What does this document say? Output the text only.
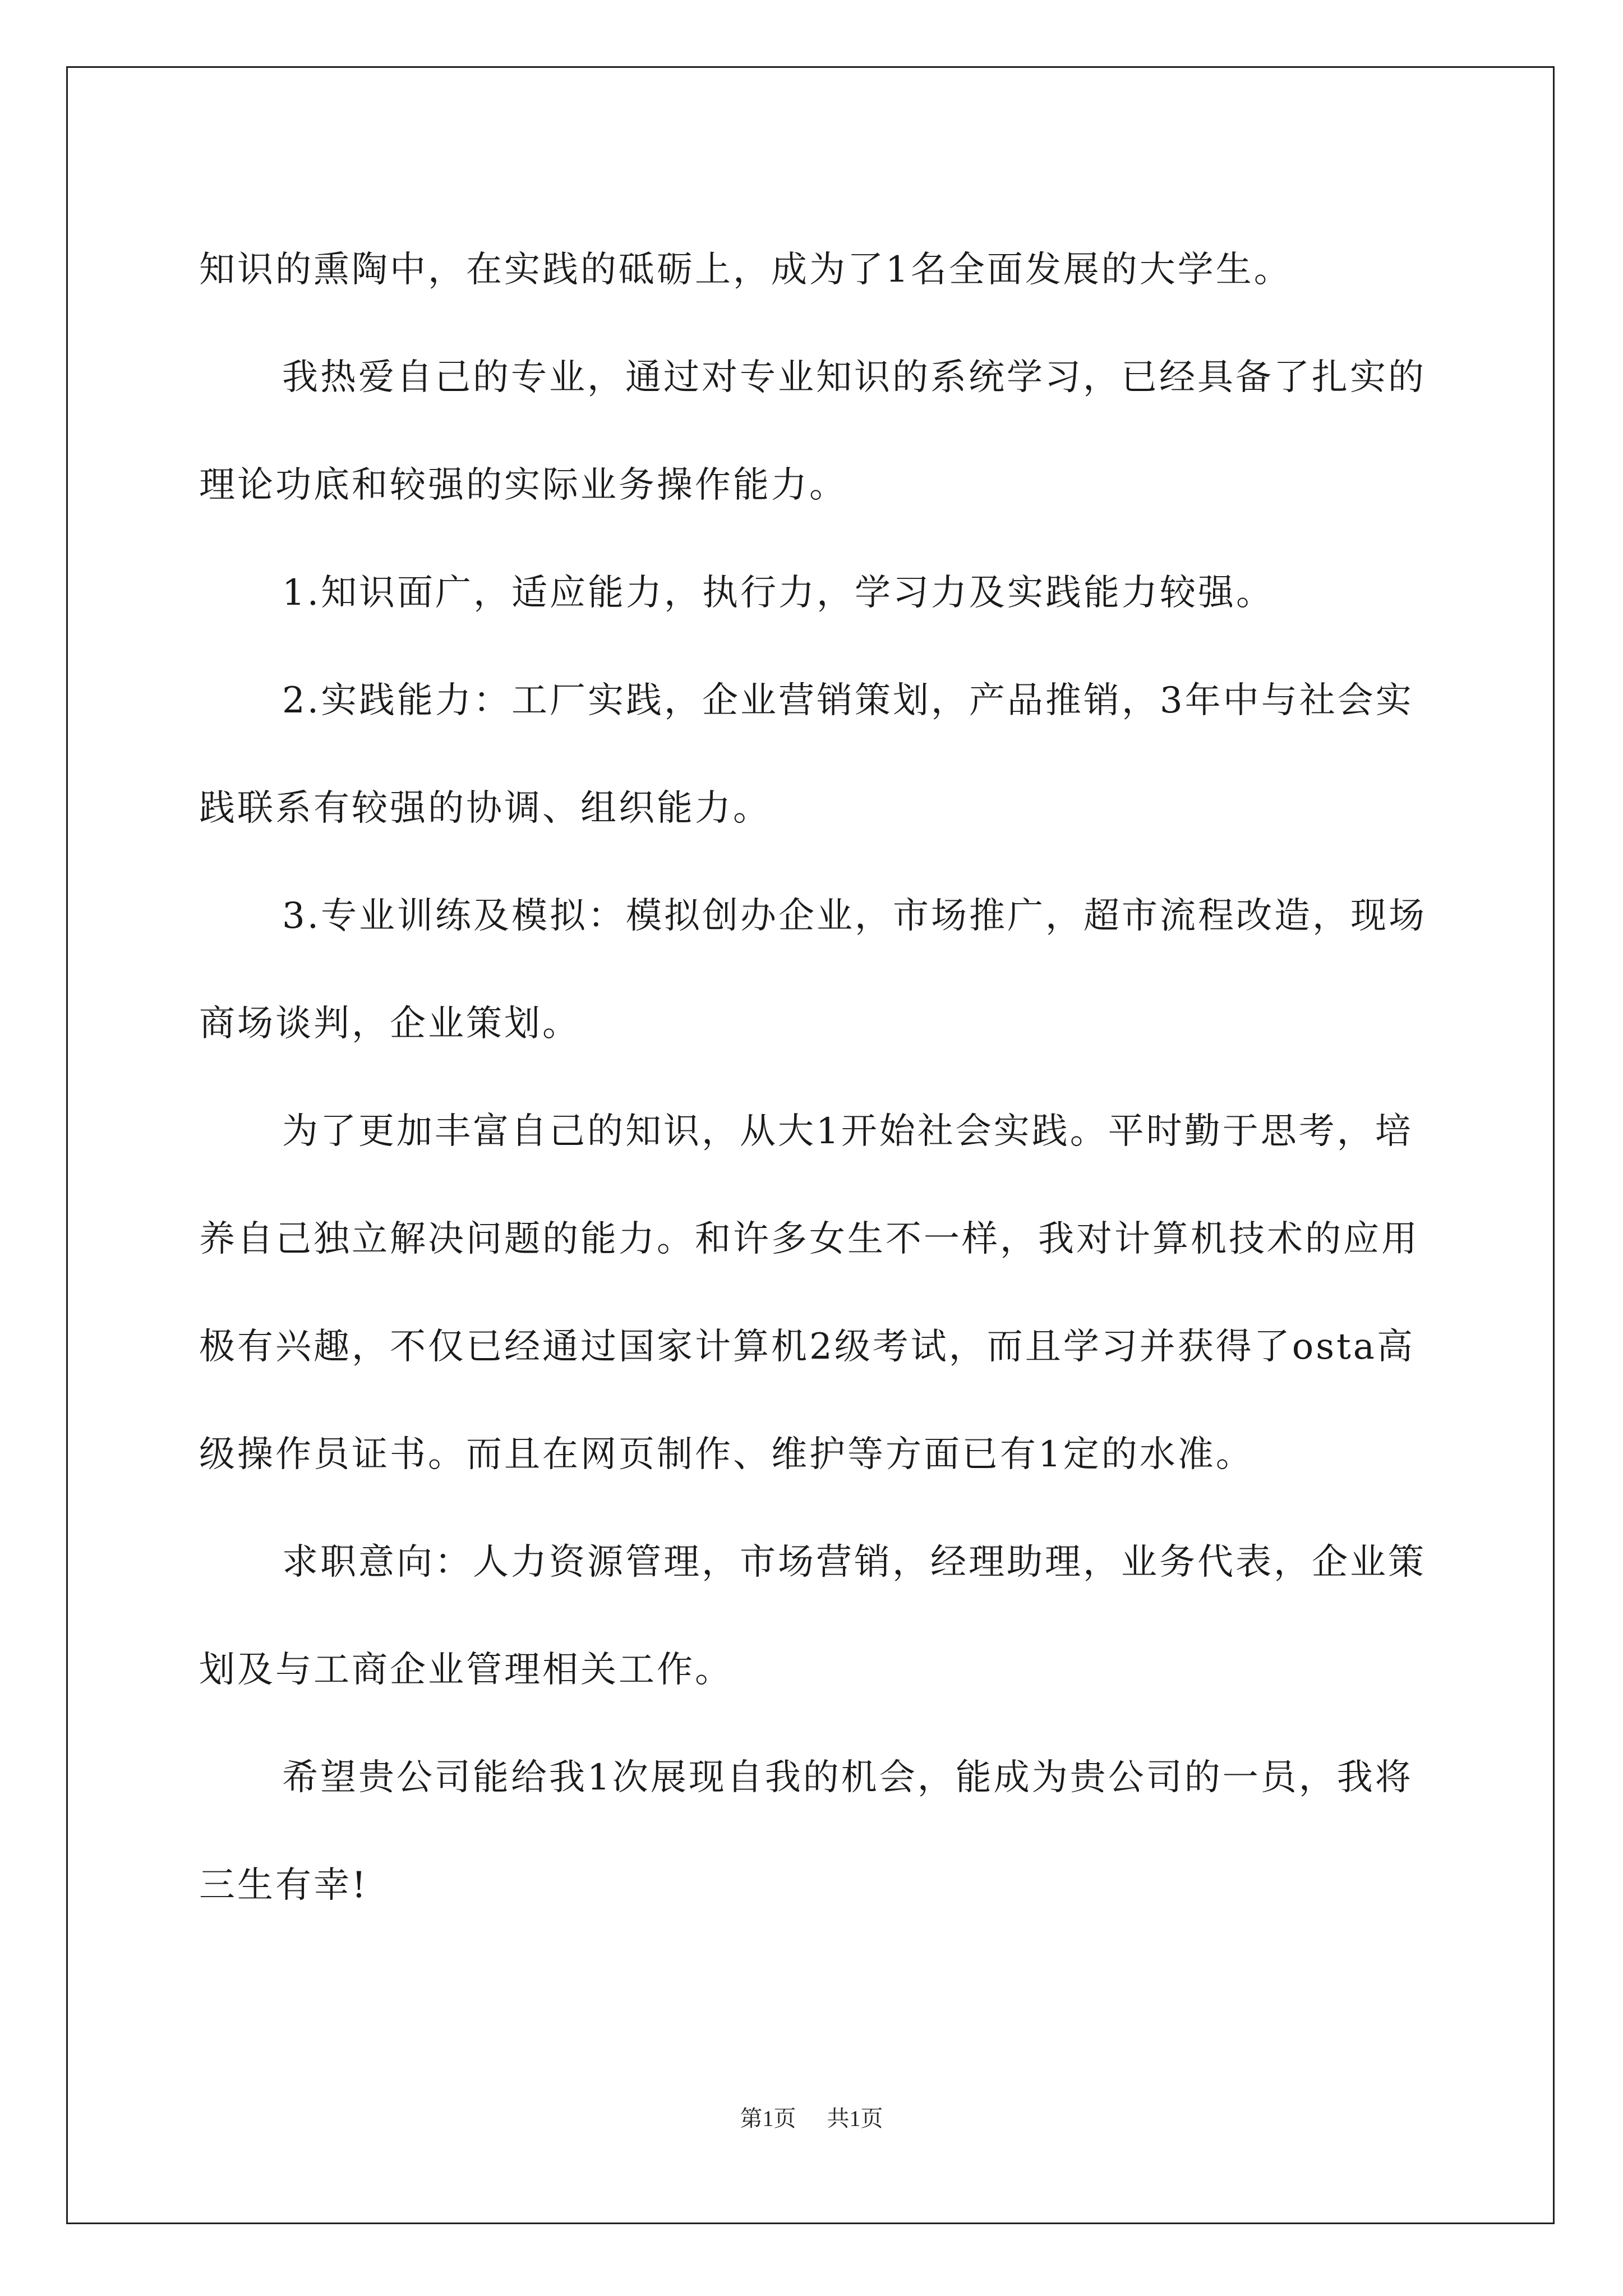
知识的熏陶中，在实践的砥砺上，成为了1名全面发展的大学生。

我热爱自己的专业，通过对专业知识的系统学习，已经具备了扎实的理论功底和较强的实际业务操作能力。

1.知识面广，适应能力，执行力，学习力及实践能力较强。

2.实践能力：工厂实践，企业营销策划，产品推销，3年中与社会实践联系有较强的协调、组织能力。

3.专业训练及模拟：模拟创办企业，市场推广，超市流程改造，现场商场谈判，企业策划。

为了更加丰富自己的知识，从大1开始社会实践。平时勤于思考，培养自己独立解决问题的能力。和许多女生不一样，我对计算机技术的应用极有兴趣，不仅已经通过国家计算机2级考试，而且学习并获得了osta高级操作员证书。而且在网页制作、维护等方面已有1定的水准。

求职意向：人力资源管理，市场营销，经理助理，业务代表，企业策划及与工商企业管理相关工作。

希望贵公司能给我1次展现自我的机会，能成为贵公司的一员，我将三生有幸!

第1页 共1页
